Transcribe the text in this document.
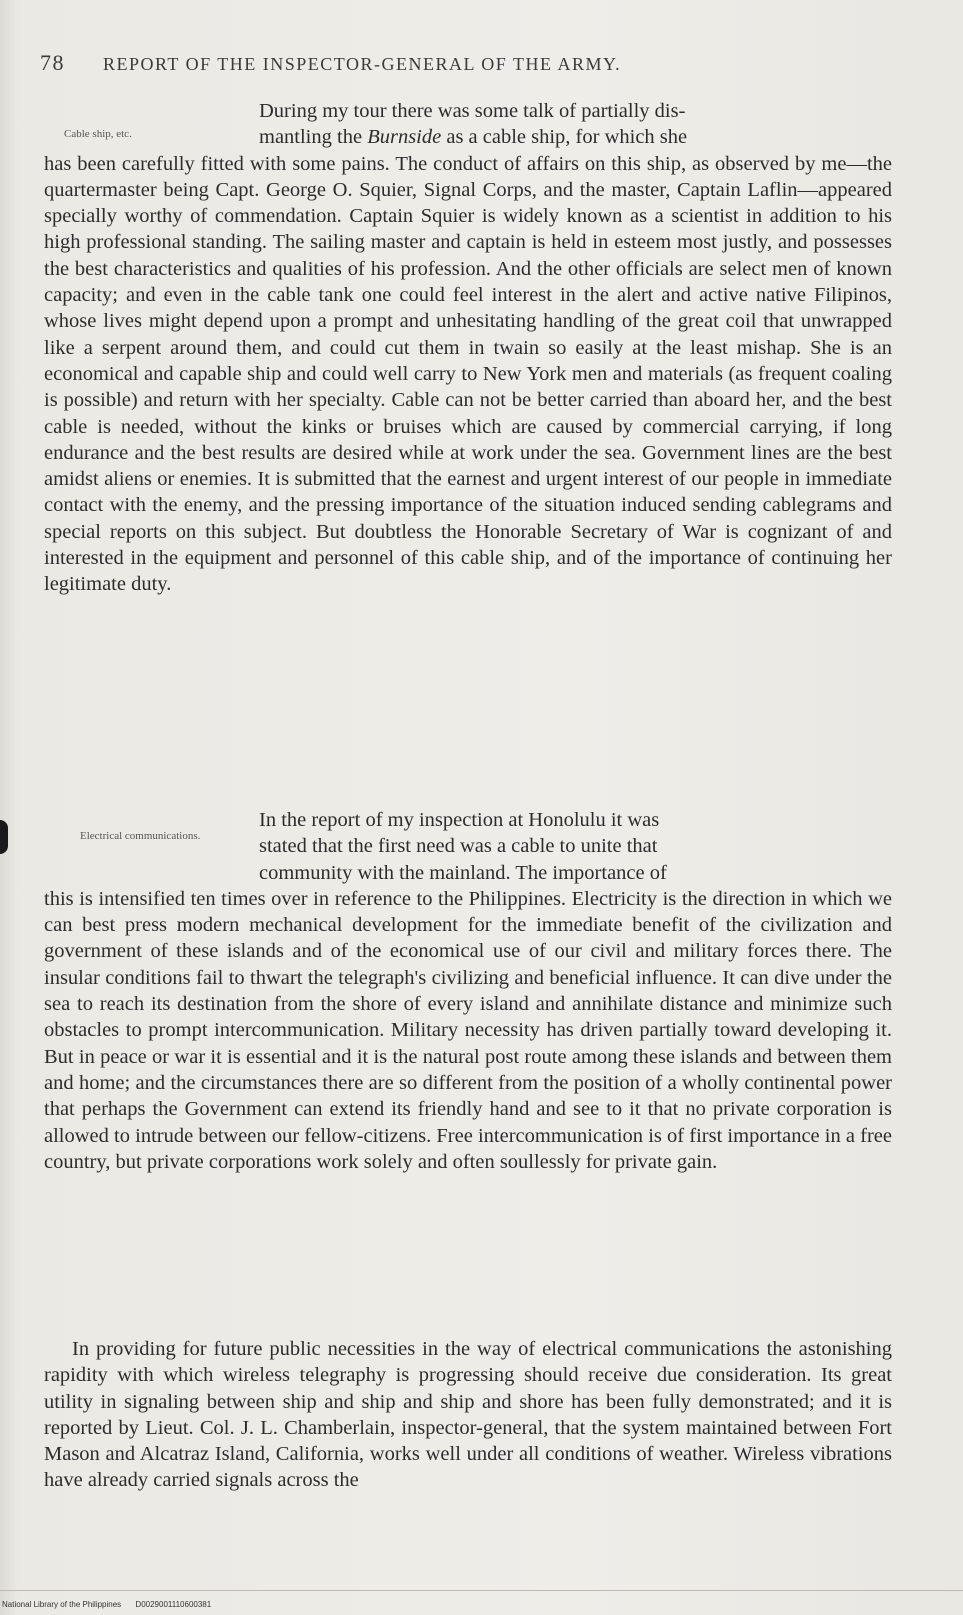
78 REPORT OF THE INSPECTOR-GENERAL OF THE ARMY.
Cable ship, etc.
Electrical communications.

During my tour there was some talk of partially dis-

mantling the Burnside as a cable ship, for which she

has been carefully fitted with some pains. The conduct of affairs on this ship, as observed by me—the quartermaster being Capt. George O. Squier, Signal Corps, and the master, Captain Laflin—appeared specially worthy of commendation. Captain Squier is widely known as a scientist in addition to his high professional standing. The sailing master and captain is held in esteem most justly, and possesses the best characteristics and qualities of his profession. And the other officials are select men of known capacity; and even in the cable tank one could feel interest in the alert and active native Filipinos, whose lives might depend upon a prompt and unhesitating handling of the great coil that unwrapped like a serpent around them, and could cut them in twain so easily at the least mishap. She is an economical and capable ship and could well carry to New York men and materials (as frequent coaling is possible) and return with her specialty. Cable can not be better carried than aboard her, and the best cable is needed, without the kinks or bruises which are caused by commercial carrying, if long endurance and the best results are desired while at work under the sea. Government lines are the best amidst aliens or enemies. It is submitted that the earnest and urgent interest of our people in immediate contact with the enemy, and the pressing importance of the situation induced sending cablegrams and special reports on this subject. But doubtless the Honorable Secretary of War is cognizant of and interested in the equipment and personnel of this cable ship, and of the importance of continuing her legitimate duty.

In the report of my inspection at Honolulu it was

stated that the first need was a cable to unite that

community with the mainland. The importance of

this is intensified ten times over in reference to the Philippines. Electricity is the direction in which we can best press modern mechanical development for the immediate benefit of the civilization and government of these islands and of the economical use of our civil and military forces there. The insular conditions fail to thwart the telegraph's civilizing and beneficial influence. It can dive under the sea to reach its destination from the shore of every island and annihilate distance and minimize such obstacles to prompt intercommunication. Military necessity has driven partially toward developing it. But in peace or war it is essential and it is the natural post route among these islands and between them and home; and the circumstances there are so different from the position of a wholly continental power that perhaps the Government can extend its friendly hand and see to it that no private corporation is allowed to intrude between our fellow-citizens. Free intercommunication is of first importance in a free country, but private corporations work solely and often soullessly for private gain.

In providing for future public necessities in the way of electrical communications the astonishing rapidity with which wireless telegraphy is progressing should receive due consideration. Its great utility in signaling between ship and ship and ship and shore has been fully demonstrated; and it is reported by Lieut. Col. J. L. Chamberlain, inspector-general, that the system maintained between Fort Mason and Alcatraz Island, California, works well under all conditions of weather. Wireless vibrations have already carried signals across the

National Library of the Philippines D0029001110600381
